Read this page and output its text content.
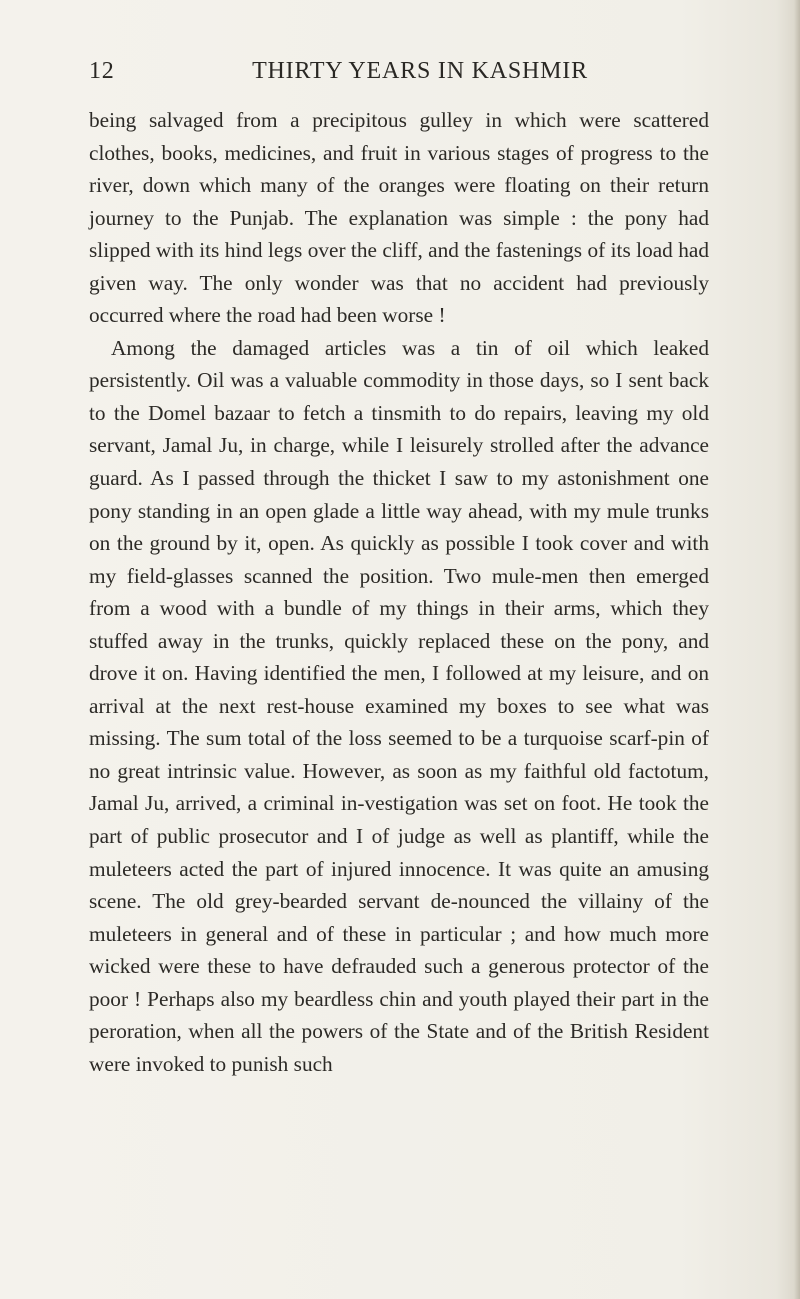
12	THIRTY YEARS IN KASHMIR

being salvaged from a precipitous gulley in which were scattered clothes, books, medicines, and fruit in various stages of progress to the river, down which many of the oranges were floating on their return journey to the Punjab. The explanation was simple : the pony had slipped with its hind legs over the cliff, and the fastenings of its load had given way. The only wonder was that no accident had previously occurred where the road had been worse !

Among the damaged articles was a tin of oil which leaked persistently. Oil was a valuable commodity in those days, so I sent back to the Domel bazaar to fetch a tinsmith to do repairs, leaving my old servant, Jamal Ju, in charge, while I leisurely strolled after the advance guard. As I passed through the thicket I saw to my astonishment one pony standing in an open glade a little way ahead, with my mule trunks on the ground by it, open. As quickly as possible I took cover and with my field-glasses scanned the position. Two mule-men then emerged from a wood with a bundle of my things in their arms, which they stuffed away in the trunks, quickly replaced these on the pony, and drove it on. Having identified the men, I followed at my leisure, and on arrival at the next rest-house examined my boxes to see what was missing. The sum total of the loss seemed to be a turquoise scarf-pin of no great intrinsic value. However, as soon as my faithful old factotum, Jamal Ju, arrived, a criminal in-vestigation was set on foot. He took the part of public prosecutor and I of judge as well as plantiff, while the muleteers acted the part of injured innocence. It was quite an amusing scene. The old grey-bearded servant de-nounced the villainy of the muleteers in general and of these in particular ; and how much more wicked were these to have defrauded such a generous protector of the poor ! Perhaps also my beardless chin and youth played their part in the peroration, when all the powers of the State and of the British Resident were invoked to punish such
